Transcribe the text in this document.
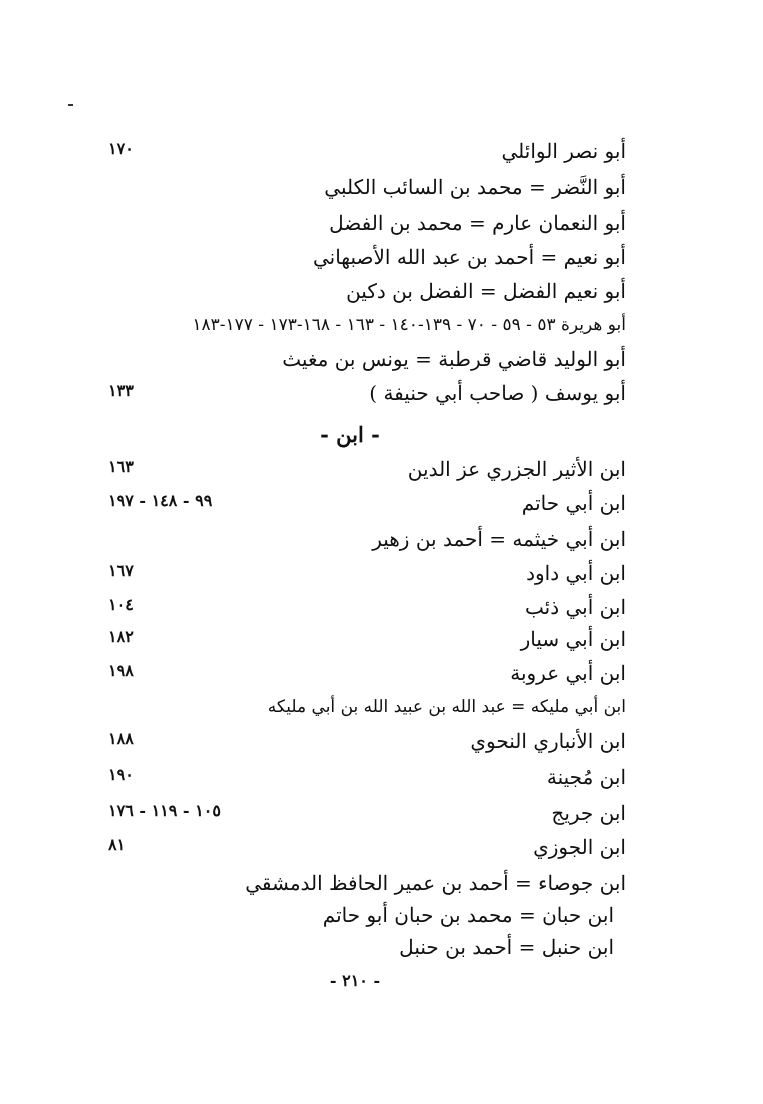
أبو نصر الوائلي
١٧٠
أبو النَّضر = محمد بن السائب الكلبي
أبو النعمان عارم = محمد بن الفضل
أبو نعيم = أحمد بن عبد الله الأصبهاني
أبو نعيم الفضل = الفضل بن دكين
أبو هريرة ٥٣ - ٥٩ - ٧٠ - ١٣٩-١٤٠ - ١٦٣ - ١٦٨-١٧٣ - ١٧٧-١٨٣
أبو الوليد قاضي قرطبة = يونس بن مغيث
أبو يوسف ( صاحب أبي حنيفة )
١٣٣
- ابن -
ابن الأثير الجزري عز الدين
١٦٣
ابن أبي حاتم
٩٩ - ١٤٨ - ١٩٧
ابن أبي خيثمه = أحمد بن زهير
ابن أبي داود
١٦٧
ابن أبي ذئب
١٠٤
ابن أبي سيار
١٨٢
ابن أبي عروبة
١٩٨
ابن أبي مليكه = عبد الله بن عبيد الله بن أبي مليكه
ابن الأنباري النحوي
١٨٨
ابن مُجينة
١٩٠
ابن جريج
١٠٥ - ١١٩ - ١٧٦
ابن الجوزي
٨١
ابن جوصاء = أحمد بن عمير الحافظ الدمشقي
ابن حبان = محمد بن حبان أبو حاتم
ابن حنبل = أحمد بن حنبل
- ٢١٠ -
